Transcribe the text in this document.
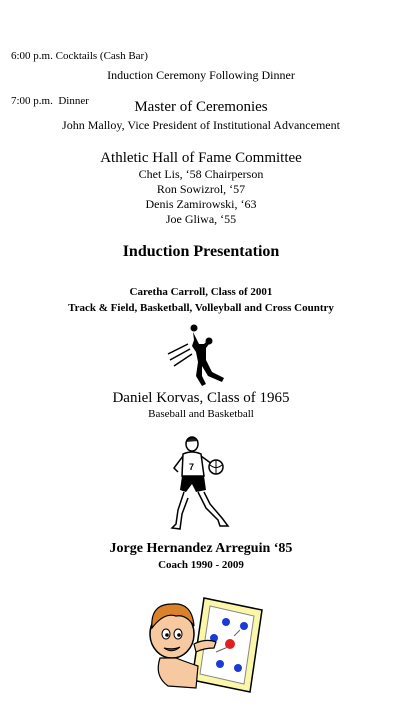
6:00 p.m. Cocktails (Cash Bar)

7:00 p.m.  Dinner

Induction Ceremony Following Dinner
Master of Ceremonies
John Malloy, Vice President of Institutional Advancement
Athletic Hall of Fame Committee
Chet Lis, ‘58 Chairperson
Ron Sowizrol, ‘57
Denis Zamirowski, ‘63
Joe Gliwa, ‘55
Induction Presentation
Caretha Carroll, Class of 2001
Track & Field, Basketball, Volleyball and Cross Country
Daniel Korvas, Class of 1965
Baseball and Basketball
7
Jorge Hernandez Arreguin ‘85
Coach 1990 - 2009
